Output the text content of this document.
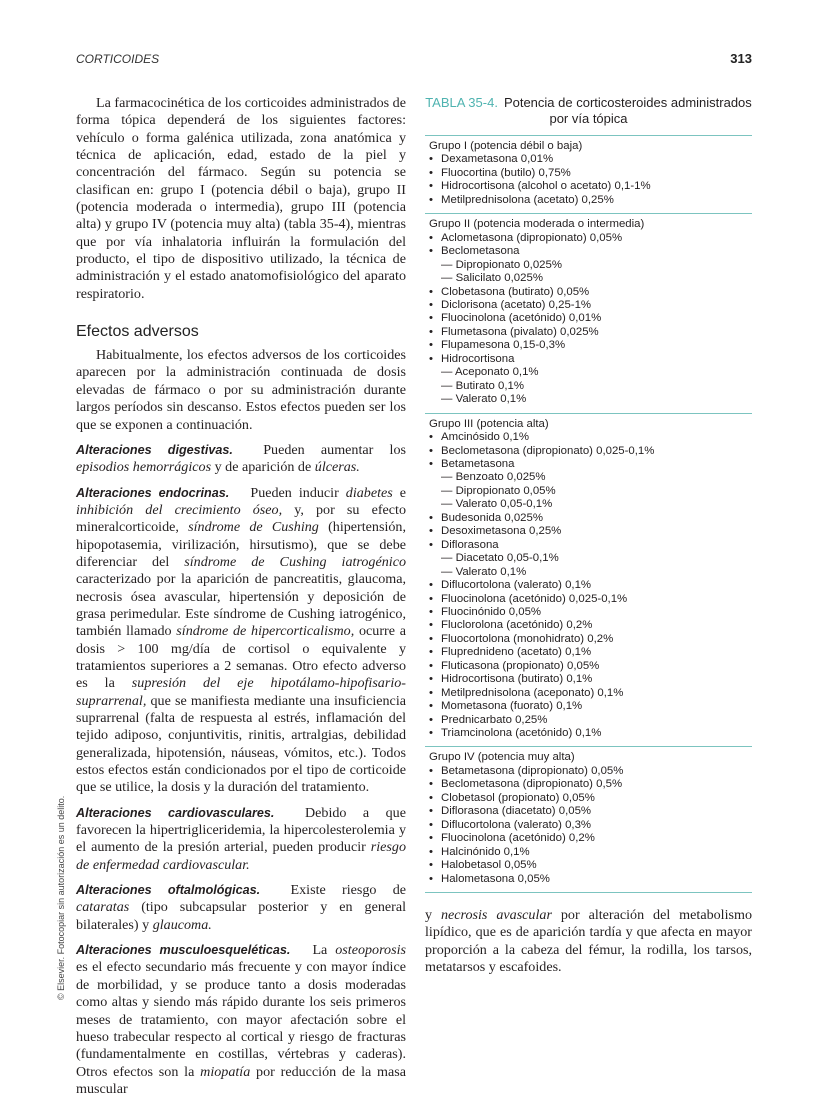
CORTICOIDES	313
© Elsevier. Fotocopiar sin autorización es un delito.

La farmacocinética de los corticoides administrados de forma tópica dependerá de los siguientes factores: vehículo o forma galénica utilizada, zona anatómica y técnica de aplicación, edad, estado de la piel y concentración del fármaco. Según su potencia se clasifican en: grupo I (potencia débil o baja), grupo II (potencia moderada o intermedia), grupo III (potencia alta) y grupo IV (potencia muy alta) (tabla 35-4), mientras que por vía inhalatoria influirán la formulación del producto, el tipo de dispositivo utilizado, la técnica de administración y el estado anatomofisiológico del aparato respiratorio.

Efectos adversos

Habitualmente, los efectos adversos de los corticoides aparecen por la administración continuada de dosis elevadas de fármaco o por su administración durante largos períodos sin descanso. Estos efectos pueden ser los que se exponen a continuación.

Alteraciones digestivas.  Pueden aumentar los episodios hemorrágicos y de aparición de úlceras.

Alteraciones endocrinas.  Pueden inducir diabetes e inhibición del crecimiento óseo, y, por su efecto mineralcorticoide, síndrome de Cushing (hipertensión, hipopotasemia, virilización, hirsutismo), que se debe diferenciar del síndrome de Cushing iatrogénico caracterizado por la aparición de pancreatitis, glaucoma, necrosis ósea avascular, hipertensión y deposición de grasa perimedular. Este síndrome de Cushing iatrogénico, también llamado síndrome de hipercorticalismo, ocurre a dosis > 100 mg/día de cortisol o equivalente y tratamientos superiores a 2 semanas. Otro efecto adverso es la supresión del eje hipotálamo-hipofisario-suprarrenal, que se manifiesta mediante una insuficiencia suprarrenal (falta de respuesta al estrés, inflamación del tejido adiposo, conjuntivitis, rinitis, artralgias, debilidad generalizada, hipotensión, náuseas, vómitos, etc.). Todos estos efectos están condicionados por el tipo de corticoide que se utilice, la dosis y la duración del tratamiento.

Alteraciones cardiovasculares.  Debido a que favorecen la hipertrigliceridemia, la hipercolesterolemia y el aumento de la presión arterial, pueden producir riesgo de enfermedad cardiovascular.

Alteraciones oftalmológicas.  Existe riesgo de cataratas (tipo subcapsular posterior y en general bilaterales) y glaucoma.

Alteraciones musculoesqueléticas.  La osteoporosis es el efecto secundario más frecuente y con mayor índice de morbilidad, y se produce tanto a dosis moderadas como altas y siendo más rápido durante los seis primeros meses de tratamiento, con mayor afectación sobre el hueso trabecular respecto al cortical y riesgo de fracturas (fundamentalmente en costillas, vértebras y caderas). Otros efectos son la miopatía por reducción de la masa muscular

TABLA 35-4. Potencia de corticosteroides administrados por vía tópica
Grupo I (potencia débil o baja)
• Dexametasona 0,01%
• Fluocortina (butilo) 0,75%
• Hidrocortisona (alcohol o acetato) 0,1-1%
• Metilprednisolona (acetato) 0,25%
Grupo II (potencia moderada o intermedia)
• Aclometasona (dipropionato) 0,05%
• Beclometasona
— Dipropionato 0,025%
— Salicilato 0,025%
• Clobetasona (butirato) 0,05%
• Diclorisona (acetato) 0,25-1%
• Fluocinolona (acetónido) 0,01%
• Flumetasona (pivalato) 0,025%
• Flupamesona 0,15-0,3%
• Hidrocortisona
— Aceponato 0,1%
— Butirato 0,1%
— Valerato 0,1%
Grupo III (potencia alta)
• Amcinósido 0,1%
• Beclometasona (dipropionato) 0,025-0,1%
• Betametasona
— Benzoato 0,025%
— Dipropionato 0,05%
— Valerato 0,05-0,1%
• Budesonida 0,025%
• Desoximetasona 0,25%
• Diflorasona
— Diacetato 0,05-0,1%
— Valerato 0,1%
• Diflucortolona (valerato) 0,1%
• Fluocinolona (acetónido) 0,025-0,1%
• Fluocinónido 0,05%
• Fluclorolona (acetónido) 0,2%
• Fluocortolona (monohidrato) 0,2%
• Fluprednideno (acetato) 0,1%
• Fluticasona (propionato) 0,05%
• Hidrocortisona (butirato) 0,1%
• Metilprednisolona (aceponato) 0,1%
• Mometasona (fuorato) 0,1%
• Prednicarbato 0,25%
• Triamcinolona (acetónido) 0,1%
Grupo IV (potencia muy alta)
• Betametasona (dipropionato) 0,05%
• Beclometasona (dipropionato) 0,5%
• Clobetasol (propionato) 0,05%
• Diflorasona (diacetato) 0,05%
• Diflucortolona (valerato) 0,3%
• Fluocinolona (acetónido) 0,2%
• Halcinónido 0,1%
• Halobetasol 0,05%
• Halometasona 0,05%

y necrosis avascular por alteración del metabolismo lipídico, que es de aparición tardía y que afecta en mayor proporción a la cabeza del fémur, la rodilla, los tarsos, metatarsos y escafoides.
